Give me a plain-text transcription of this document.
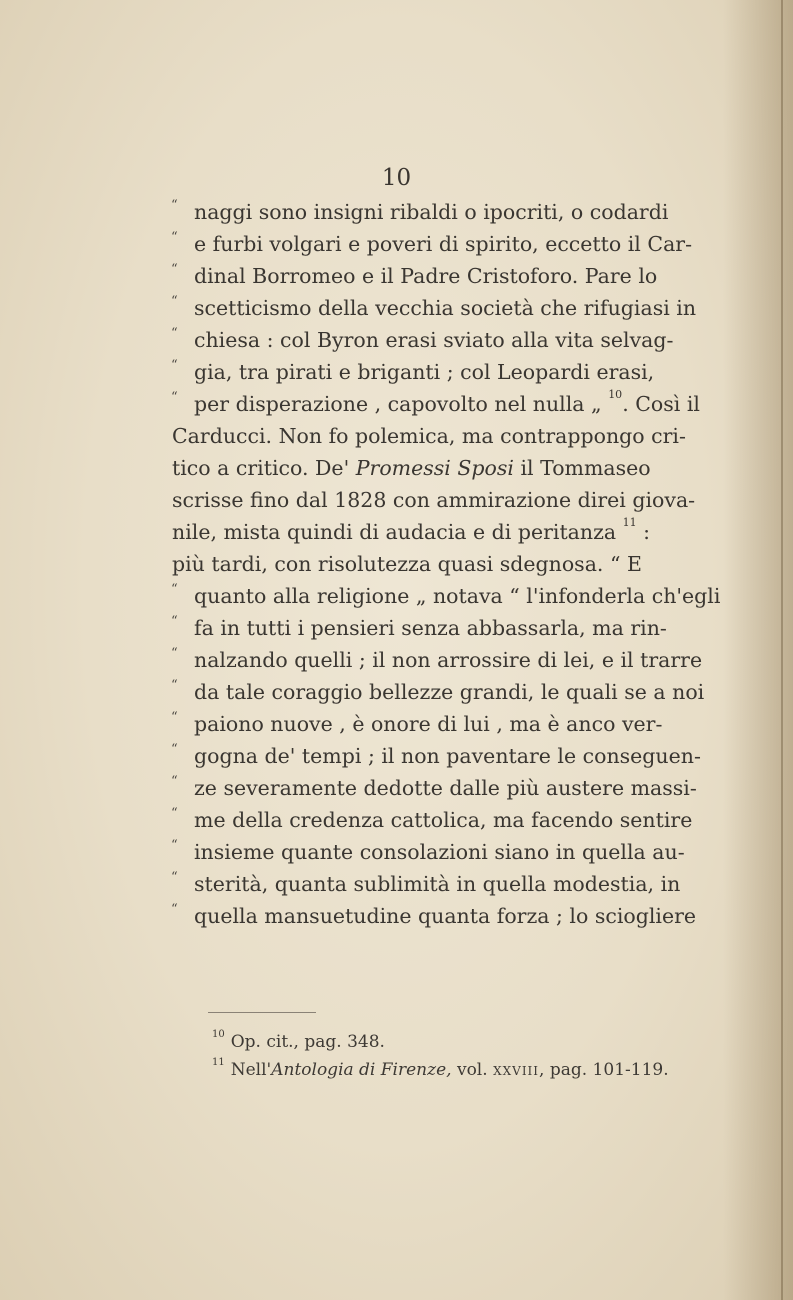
10
“ naggi sono insigni ribaldi o ipocriti, o codardi
“ e furbi volgari e poveri di spirito, eccetto il Car-
“ dinal Borromeo e il Padre Cristoforo. Pare lo
“ scetticismo della vecchia società che rifugiasi in
“ chiesa : col Byron erasi sviato alla vita selvag-
“ gia, tra pirati e briganti ; col Leopardi erasi,
“ per disperazione , capovolto nel nulla „ $^{10}$. Così il
Carducci. Non fo polemica, ma contrappongo cri-
tico a critico. De' Promessi Sposi il Tommaseo
scrisse fino dal 1828 con ammirazione direi giova-
nile, mista quindi di audacia e di peritanza $^{11}$ :
più tardi, con risolutezza quasi sdegnosa. “ E
“ quanto alla religione „ notava “ l'infonderla ch'egli
“ fa in tutti i pensieri senza abbassarla, ma rin-
“ nalzando quelli ; il non arrossire di lei, e il trarre
“ da tale coraggio bellezze grandi, le quali se a noi
“ paiono nuove , è onore di lui , ma è anco ver-
“ gogna de' tempi ; il non paventare le conseguen-
“ ze severamente dedotte dalle più austere massi-
“ me della credenza cattolica, ma facendo sentire
“ insieme quante consolazioni siano in quella au-
“ sterità, quanta sublimità in quella modestia, in
“ quella mansuetudine quanta forza ; lo sciogliere
$^{10}$ Op. cit., pag. 348.
$^{11}$ Nell'Antologia di Firenze, vol. xxviii, pag. 101-119.
